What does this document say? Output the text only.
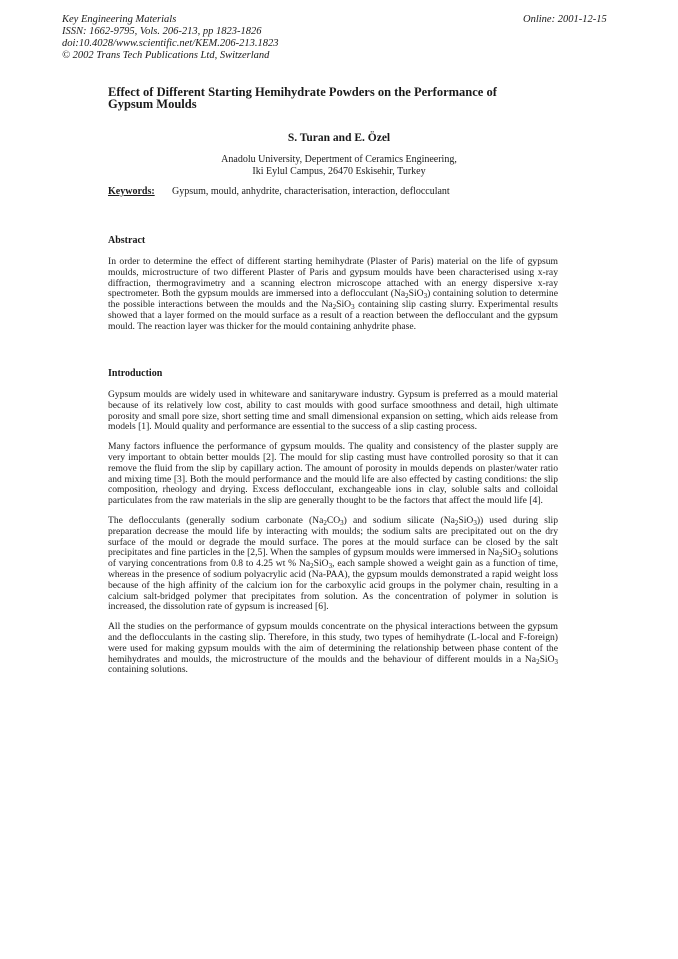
Key Engineering Materials
ISSN: 1662-9795, Vols. 206-213, pp 1823-1826
doi:10.4028/www.scientific.net/KEM.206-213.1823
© 2002 Trans Tech Publications Ltd, Switzerland
Online: 2001-12-15
Effect of Different Starting Hemihydrate Powders on the Performance of
Gypsum Moulds

S. Turan and E. Özel

Anadolu University, Depertment of Ceramics Engineering,
Iki Eylul Campus, 26470 Eskisehir, Turkey
Keywords: Gypsum, mould, anhydrite, characterisation, interaction, deflocculant
Abstract

In order to determine the effect of different starting hemihydrate (Plaster of Paris) material on the life of gypsum moulds, microstructure of two different Plaster of Paris and gypsum moulds have been characterised using x-ray diffraction, thermogravimetry and a scanning electron microscope attached with an energy dispersive x-ray spectrometer. Both the gypsum moulds are immersed into a deflocculant $(Na_2SiO_3)$ containing solution to determine the possible interactions between the moulds and the $Na_2SiO_3$ containing slip casting slurry. Experimental results showed that a layer formed on the mould surface as a result of a reaction between the deflocculant and the gypsum mould. The reaction layer was thicker for the mould containing anhydrite phase.

Introduction

Gypsum moulds are widely used in whiteware and sanitaryware industry. Gypsum is preferred as a mould material because of its relatively low cost, ability to cast moulds with good surface smoothness and detail, high ultimate porosity and small pore size, short setting time and small dimensional expansion on setting, which aids release from models [1]. Mould quality and performance are essential to the success of a slip casting process.

Many factors influence the performance of gypsum moulds. The quality and consistency of the plaster supply are very important to obtain better moulds [2]. The mould for slip casting must have controlled porosity so that it can remove the fluid from the slip by capillary action. The amount of porosity in moulds depends on plaster/water ratio and mixing time [3]. Both the mould performance and the mould life are also effected by casting conditions: the slip composition, rheology and drying. Excess deflocculant, exchangeable ions in clay, soluble salts and colloidal particulates from the raw materials in the slip are generally thought to be the factors that affect the mould life [4].

The deflocculants (generally sodium carbonate $(Na_2CO_3)$ and sodium silicate $(Na_2SiO_3)$) used during slip preparation decrease the mould life by interacting with moulds; the sodium salts are precipitated out on the dry surface of the mould or degrade the mould surface. The pores at the mould surface can be closed by the salt precipitates and fine particles in the [2,5]. When the samples of gypsum moulds were immersed in $Na_2SiO_3$ solutions of varying concentrations from 0.8 to 4.25 wt % $Na_2SiO_3$, each sample showed a weight gain as a function of time, whereas in the presence of sodium polyacrylic acid (Na-PAA), the gypsum moulds demonstrated a rapid weight loss because of the high affinity of the calcium ion for the carboxylic acid groups in the polymer chain, resulting in a calcium salt-bridged polymer that precipitates from solution. As the concentration of polymer in solution is increased, the dissolution rate of gypsum is increased [6].

All the studies on the performance of gypsum moulds concentrate on the physical interactions between the gypsum and the deflocculants in the casting slip. Therefore, in this study, two types of hemihydrate (L-local and F-foreign) were used for making gypsum moulds with the aim of determining the relationship between phase content of the hemihydrates and moulds, the microstructure of the moulds and the behaviour of different moulds in a $Na_2SiO_3$ containing solutions.
